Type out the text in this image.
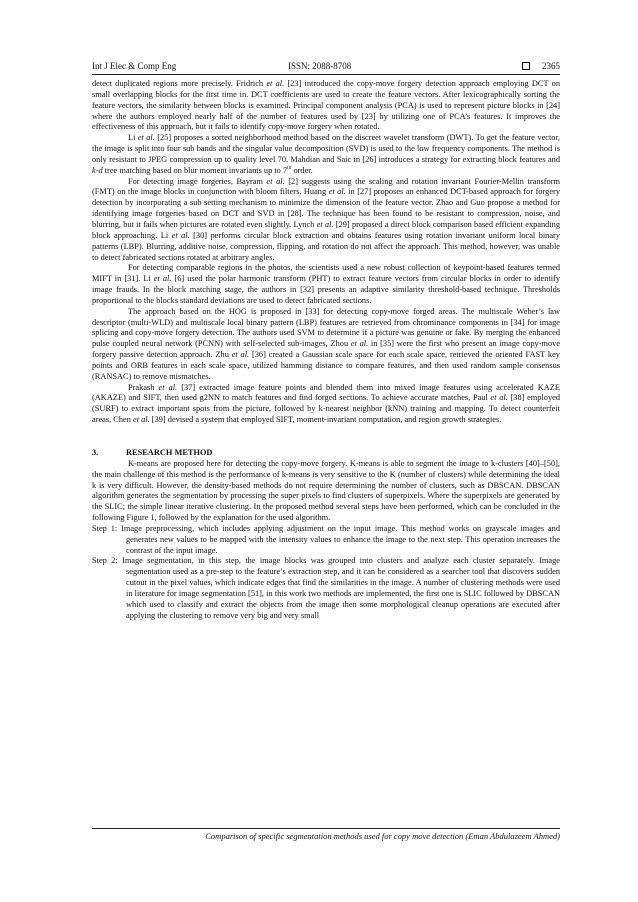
Int J Elec & Comp Eng	ISSN: 2088-8708	2365

detect duplicated regions more precisely. Fridrich et al. [23] introduced the copy-move forgery detection approach employing DCT on small overlapping blocks for the first time in. DCT coefficients are used to create the feature vectors. After lexicographically sorting the feature vectors, the similarity between blocks is examined. Principal component analysis (PCA) is used to represent picture blocks in [24] where the authors employed nearly half of the number of features used by [23] by utilizing one of PCA’s features. It improves the effectiveness of this approach, but it fails to identify copy-move forgery when rotated.

Li et al. [25] proposes a sorted neighborhood method based on the discreet wavelet transform (DWT). To get the feature vector, the image is split into four sub bands and the singular value decomposition (SVD) is used to the low frequency components. The method is only resistant to JPEG compression up to quality level 70. Mahdian and Saic in [26] introduces a strategy for extracting block features and k-d tree matching based on blur moment invariants up to 7th order.

For detecting image forgeries, Bayram et al. [2] suggests using the scaling and rotation invariant Fourier-Mellin transform (FMT) on the image blocks in conjunction with bloom filters. Huang et al. in [27] proposes an enhanced DCT-based approach for forgery detection by incorporating a sub setting mechanism to minimize the dimension of the feature vector. Zhao and Guo propose a method for identifying image forgeries based on DCT and SVD in [28]. The technique has been found to be resistant to compression, noise, and blurring, but it fails when pictures are rotated even slightly. Lynch et al. [29] proposed a direct block comparison based efficient expanding block approaching. Li et al. [30] performs circular block extraction and obtains features using rotation invariant uniform local binary patterns (LBP). Blurring, additive noise, compression, flipping, and rotation do not affect the approach. This method, however, was unable to detect fabricated sections rotated at arbitrary angles.

For detecting comparable regions in the photos, the scientists used a new robust collection of keypoint-based features termed MIFT in [31]. Li et al. [6] used the polar harmonic transform (PHT) to extract feature vectors from circular blocks in order to identify image frauds. In the block matching stage, the authors in [32] presents an adaptive similarity threshold-based technique. Thresholds proportional to the blocks standard deviations are used to detect fabricated sections.

The approach based on the HOG is proposed in [33] for detecting copy-move forged areas. The multiscale Weber’s law descriptor (multi-WLD) and multiscale local binary pattern (LBP) features are retrieved from chrominance components in [34] for image splicing and copy-move forgery detection. The authors used SVM to determine if a picture was genuine or fake. By merging the enhanced pulse coupled neural network (PCNN) with self-selected sub-images, Zhou et al. in [35] were the first who present an image copy-move forgery passive detection approach. Zhu et al. [36] created a Gaussian scale space for each scale space, retrieved the oriented FAST key points and ORB features in each scale space, utilized hamming distance to compare features, and then used random sample consensus (RANSAC) to remove mismatches.

Prakash et al. [37] extracted image feature points and blended them into mixed image features using accelerated KAZE (AKAZE) and SIFT, then used g2NN to match features and find forged sections. To achieve accurate matches, Paul et al. [38] employed (SURF) to extract important spots from the picture, followed by k-nearest neighbor (kNN) training and mapping. To detect counterfeit areas, Chen et al. [39] devised a system that employed SIFT, moment-invariant computation, and region growth strategies.

3.	RESEARCH METHOD

K-means are proposed here for detecting the copy-move forgery. K-means is able to segment the image to k-clusters [40]–[50], the main challenge of this method is the performance of k-means is very sensitive to the K (number of clusters) while determining the ideal k is very difficult. However, the density-based methods do not require determining the number of clusters, such as DBSCAN. DBSCAN algorithm generates the segmentation by processing the super pixels to find clusters of superpixels. Where the superpixels are generated by the SLIC; the simple linear iterative clustering. In the proposed method several steps have been performed, which can be concluded in the following Figure 1, followed by the explanation for the used algorithm.

Step 1: Image preprocessing, which includes applying adjustment on the input image. This method works on grayscale images and generates new values to be mapped with the intensity values to enhance the image to the next step. This operation increases the contrast of the input image.

Step 2: Image segmentation, in this step, the image blocks was grouped into clusters and analyze each cluster separately. Image segmentation used as a pre-step to the feature’s extraction step, and it can be considered as a searcher tool that discovers sudden cutout in the pixel values, which indicate edges that find the similarities in the image. A number of clustering methods were used in literature for image segmentation [51], in this work two methods are implemented, the first one is SLIC followed by DBSCAN which used to classify and extract the objects from the image then some morphological cleanup operations are executed after applying the clustering to remove very big and very small

Comparison of specific segmentation methods used for copy move detection (Eman Abdulazeem Ahmed)
